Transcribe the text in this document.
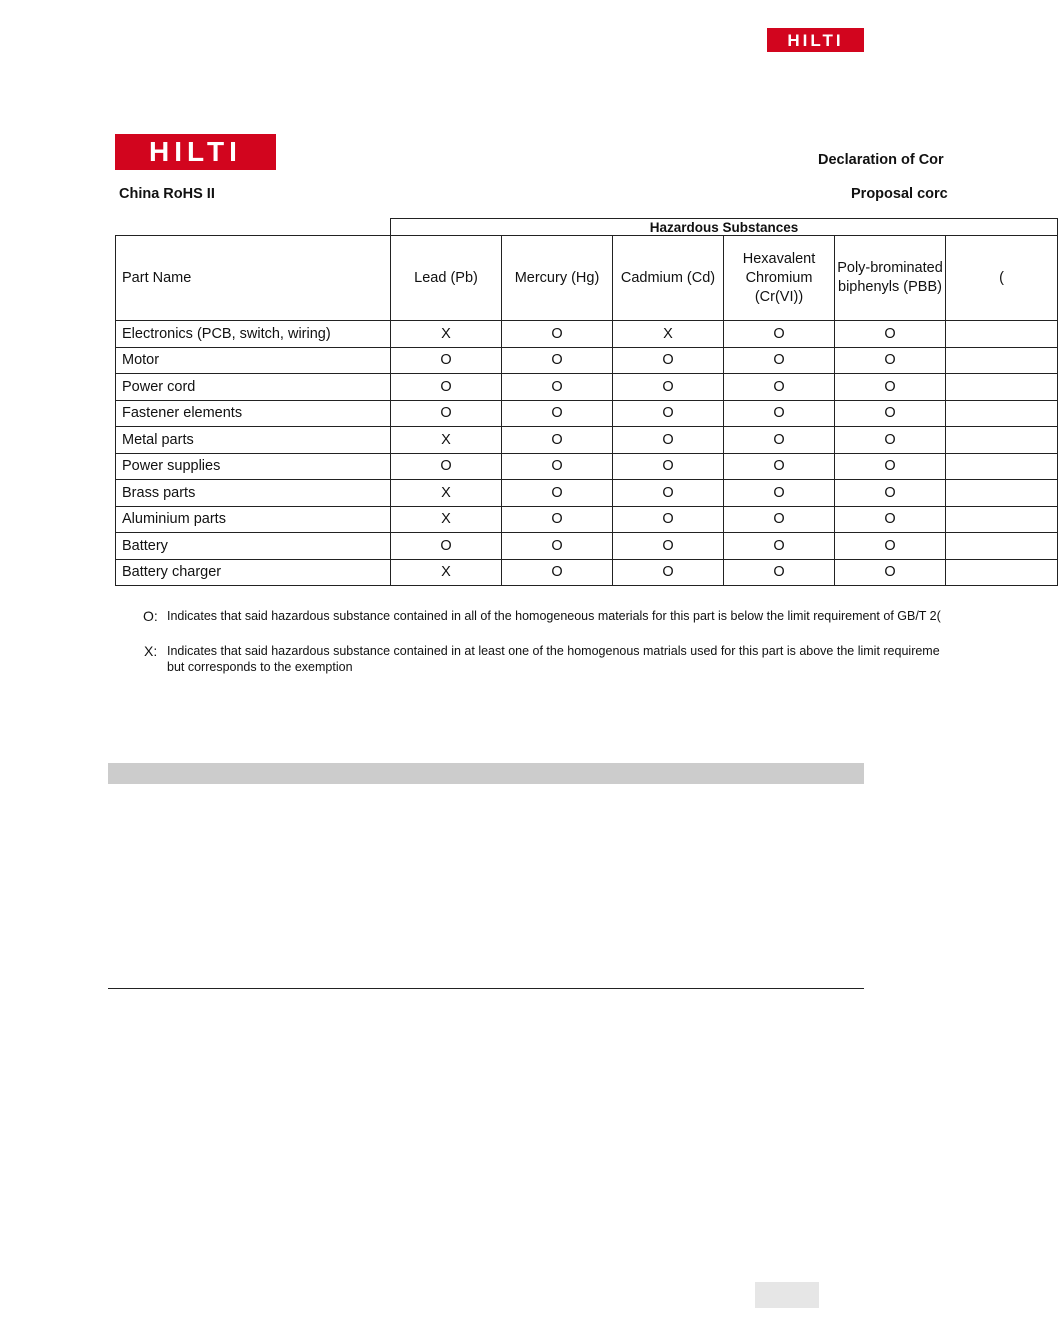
HILTI
HILTI	Declaration of Cor
China RoHS II	Proposal corc
	Hazardous Substances					
Part Name	Lead (Pb)	Mercury (Hg)	Cadmium (Cd)	Hexavalent Chromium (Cr(VI))	Poly-brominated biphenyls (PBB)	(
Electronics (PCB, switch, wiring)	X	O	X	O	O	
Motor	O	O	O	O	O	
Power cord	O	O	O	O	O	
Fastener elements	O	O	O	O	O	
Metal parts	X	O	O	O	O	
Power supplies	O	O	O	O	O	
Brass parts	X	O	O	O	O	
Aluminium parts	X	O	O	O	O	
Battery	O	O	O	O	O	
Battery charger	X	O	O	O	O	
O: Indicates that said hazardous substance contained in all of the homogeneous materials for this part is below the limit requirement of GB/T 2(
X: Indicates that said hazardous substance contained in at least one of the homogenous matrials used for this part is above the limit requireme
but corresponds to the exemption
